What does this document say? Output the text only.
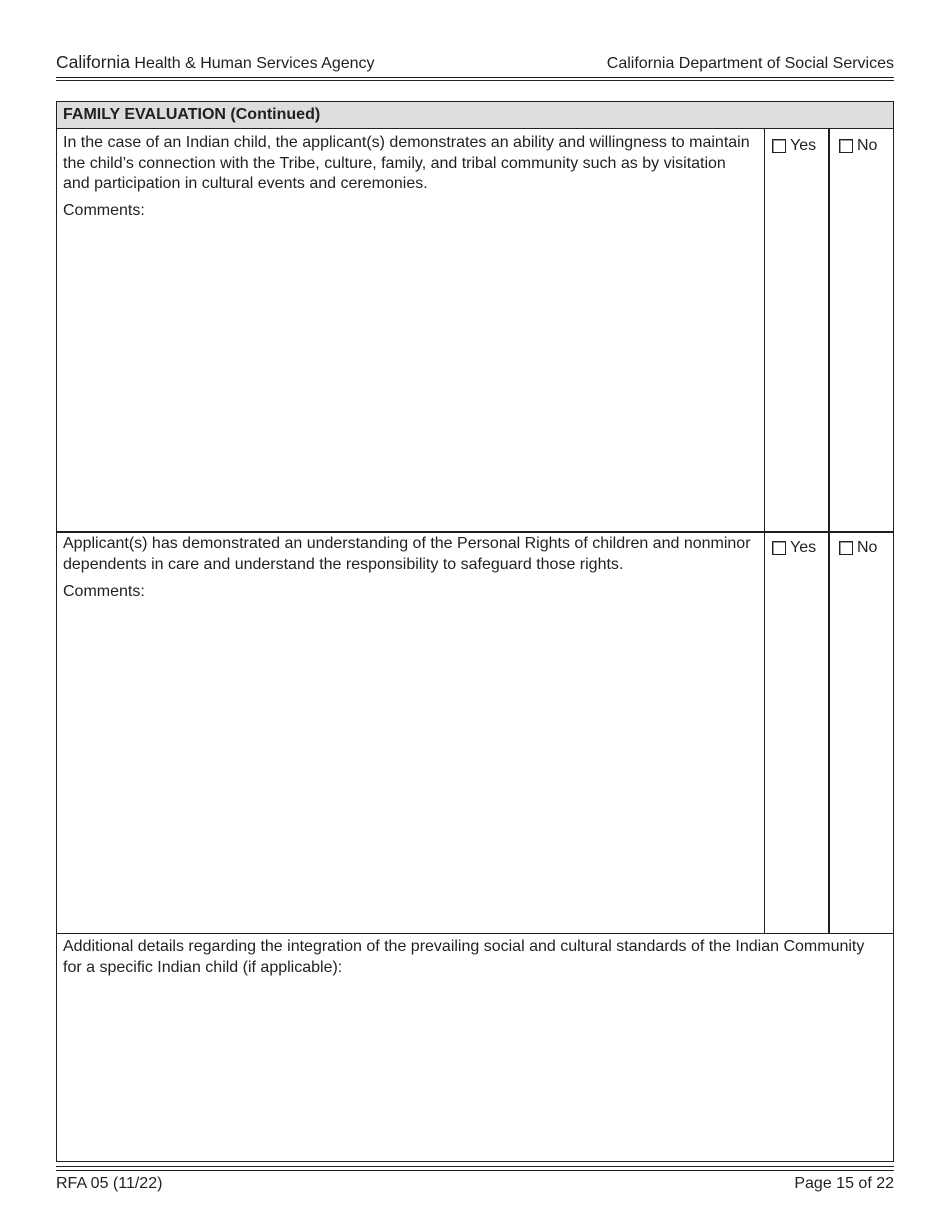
California Health & Human Services Agency	California Department of Social Services
FAMILY EVALUATION (Continued)
In the case of an Indian child, the applicant(s) demonstrates an ability and willingness to maintain the child’s connection with the Tribe, culture, family, and tribal community such as by visitation and participation in cultural events and ceremonies.
Comments:
Yes	No
Applicant(s) has demonstrated an understanding of the Personal Rights of children and nonminor dependents in care and understand the responsibility to safeguard those rights.
Comments:
Yes	No
Additional details regarding the integration of the prevailing social and cultural standards of the Indian Community for a specific Indian child (if applicable):
RFA 05 (11/22)	Page 15 of 22
